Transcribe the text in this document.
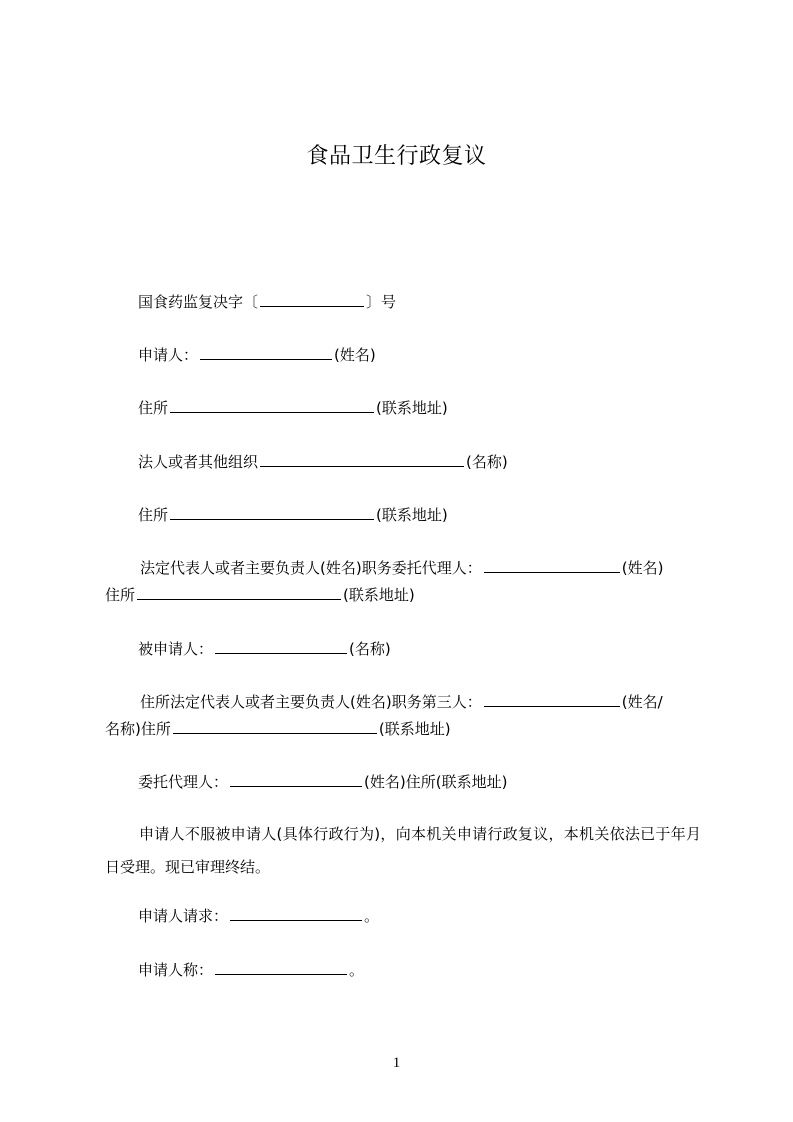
食品卫生行政复议
国食药监复决字〔	〕号
申请人：	(姓名)
住所	(联系地址)
法人或者其他组织	(名称)
住所	(联系地址)
法定代表人或者主要负责人(姓名)职务委托代理人：	(姓名)
住所	(联系地址)
被申请人：	(名称)
住所法定代表人或者主要负责人(姓名)职务第三人：	(姓名/
名称)住所	(联系地址)
委托代理人：	(姓名)住所(联系地址)
申请人不服被申请人(具体行政行为)，向本机关申请行政复议，本机关依法已于年月日受理。现已审理终结。
申请人请求：	。
申请人称：	。
1
